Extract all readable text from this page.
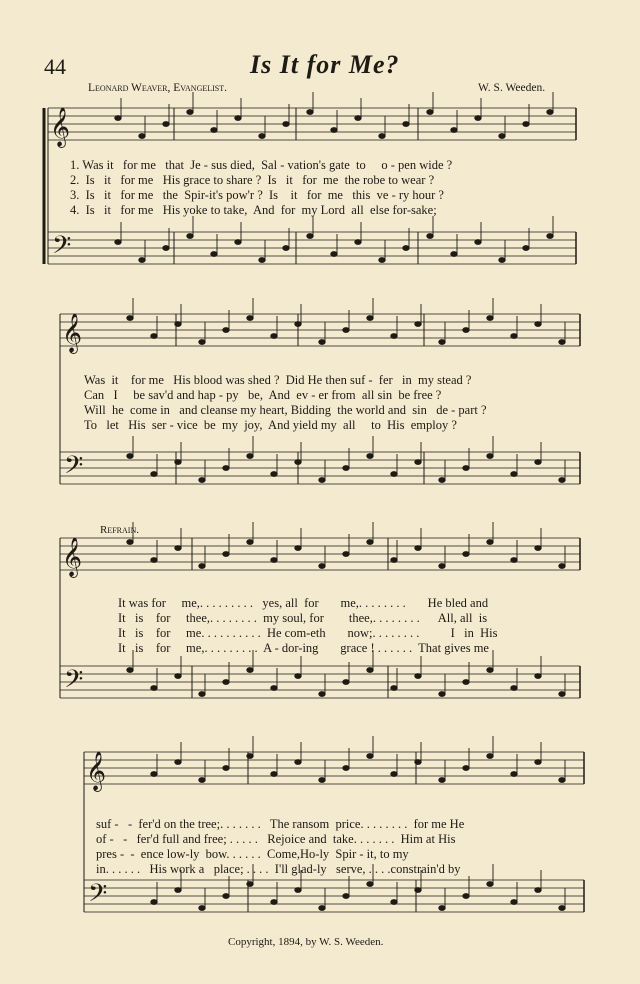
44	Is It for Me?
Leonard Weaver, Evangelist.	W. S. Weeden.
𝄞
𝄢
𝄞
𝄢
𝄞
𝄢
𝄞
𝄢
1. Was it   for me   that  Je - sus died,  Sal - vation's gate  to     o - pen wide ?
2.  Is   it   for me   His grace to share ?  Is   it   for  me  the robe to wear ?
3.  Is   it   for me   the  Spir-it's pow'r ?  Is    it   for  me   this  ve - ry hour ?
4.  Is   it   for me   His yoke to take,  And  for  my Lord  all  else for-sake;
Was  it    for me   His blood was shed ?  Did He then suf -  fer   in  my stead ?
Can   I     be sav'd and hap - py   be,  And  ev - er from  all sin  be free ?
Will  he  come in   and cleanse my heart, Bidding  the world and  sin   de - part ?
To   let   His  ser - vice  be  my  joy,  And yield my  all     to  His  employ ?
Refrain.
It was for     me,. . . . . . . . .   yes, all  for       me,. . . . . . . .       He bled and
It   is    for     thee,. . . . . . . .  my soul, for        thee,. . . . . . . .      All, all  is
It   is    for     me. . . . . . . . . .  He com-eth       now;. . . . . . . .          I   in  His
It   is    for     me,. . . . . . . . .  A - dor-ing       grace ! . . . . . .  That gives me
suf -   -  fer'd on the tree;. . . . . . .   The ransom  price. . . . . . . .  for me He
of -   -   fer'd full and free; . . . . .   Rejoice and  take. . . . . . .  Him at His
pres -  -  ence low-ly  bow. . . . . .  Come,Ho-ly  Spir - it, to my
in. . . . . .   His work a   place; . . . .  I'll glad-ly   serve, . . . .constrain'd by
Copyright, 1894, by W. S. Weeden.
